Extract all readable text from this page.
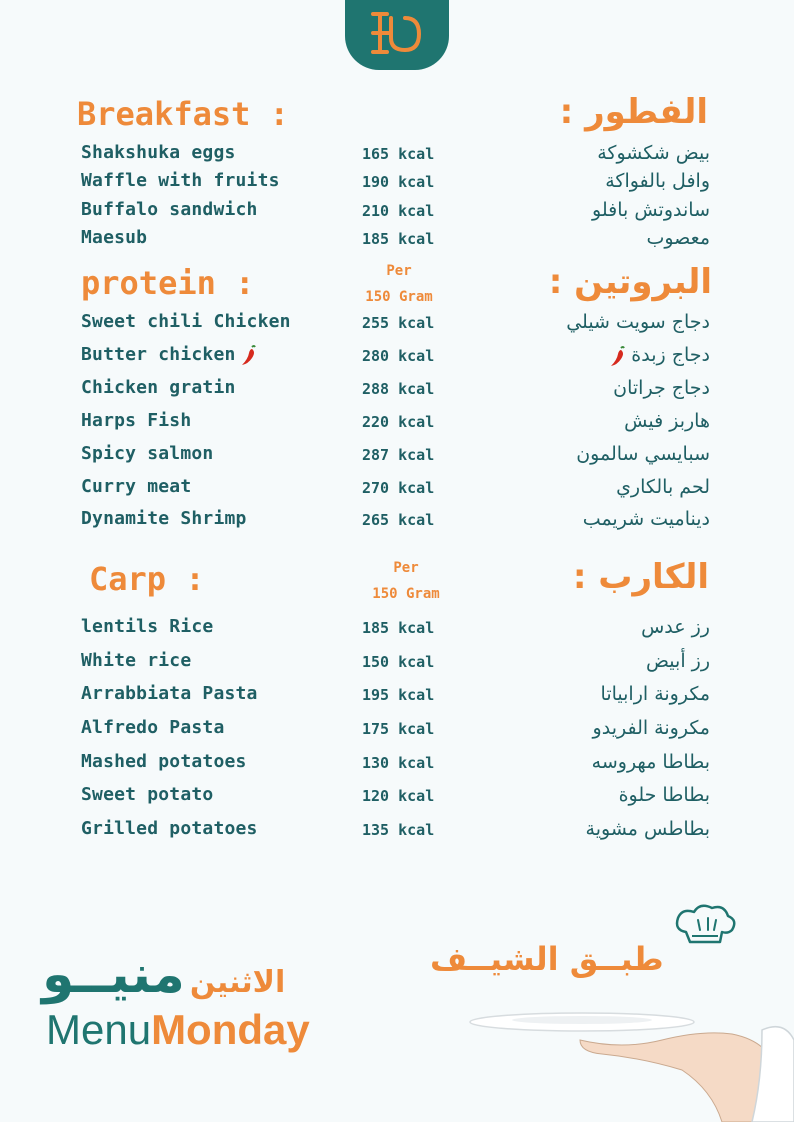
Breakfast :	الفطور :
Shakshuka eggs	165 kcal	بيض شكشوكة
Waffle with fruits	190 kcal	وافل بالفواكة
Buffalo sandwich	210 kcal	ساندوتش بافلو
Maesub	185 kcal	معصوب
protein :	البروتين :
Per
150 Gram
Sweet chili Chicken	255 kcal	دجاج سويت شيلي
Butter chicken	280 kcal	دجاج زبدة
Chicken gratin	288 kcal	دجاج جراتان
Harps Fish	220 kcal	هاربز فيش
Spicy salmon	287 kcal	سبايسي سالمون
Curry meat	270 kcal	لحم بالكاري
Dynamite Shrimp	265 kcal	ديناميت شريمب
Carp :	الكارب :
Per
150 Gram
lentils Rice	185 kcal	رز عدس
White rice	150 kcal	رز أبيض
Arrabbiata Pasta	195 kcal	مكرونة ارابياتا
Alfredo Pasta	175 kcal	مكرونة الفريدو
Mashed potatoes	130 kcal	بطاطا مهروسه
Sweet potato	120 kcal	بطاطا حلوة
Grilled potatoes	135 kcal	بطاطس مشوية
الاثنين منيــو
MenuMonday
طبــق الشيــف
